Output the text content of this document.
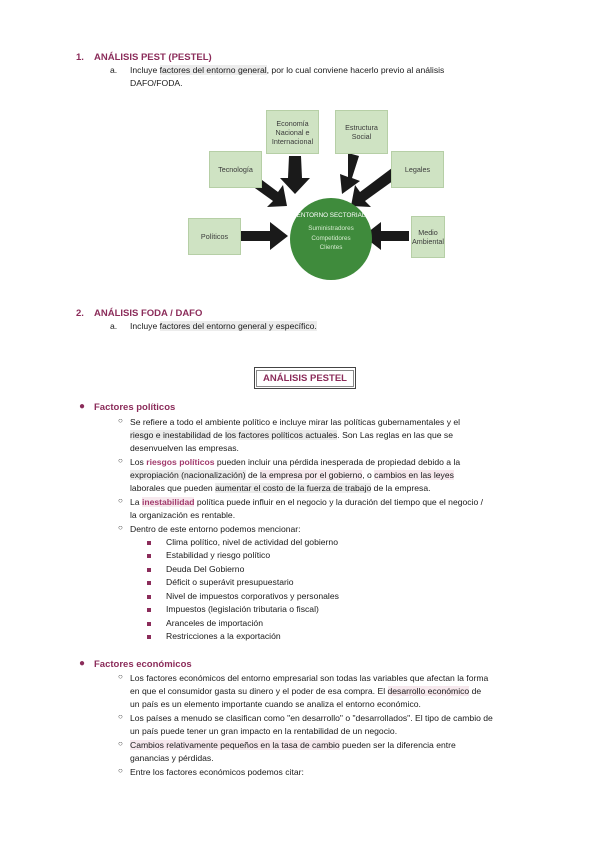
1. ANÁLISIS PEST (PESTEL)
a. Incluye factores del entorno general, por lo cual conviene hacerlo previo al análisis
DAFO/FODA.
Economía Nacional e Internacional
Estructura Social
Tecnología	Legales
Políticos	Medio Ambiental
ENTORNO SECTORIAL
Suministradores
Competidores
Clientes
2. ANÁLISIS FODA / DAFO
a. Incluye factores del entorno general y específico.
ANÁLISIS PESTEL
● Factores políticos
○ Se refiere a todo el ambiente político e incluye mirar las políticas gubernamentales y el
riesgo e inestabilidad de los factores políticos actuales. Son Las reglas en las que se
desenvuelven las empresas.
○ Los riesgos políticos pueden incluir una pérdida inesperada de propiedad debido a la
expropiación (nacionalización) de la empresa por el gobierno, o cambios en las leyes
laborales que pueden aumentar el costo de la fuerza de trabajo de la empresa.
○ La inestabilidad política puede influir en el negocio y la duración del tiempo que el negocio /
la organización es rentable.
○ Dentro de este entorno podemos mencionar:
Clima político, nivel de actividad del gobierno
Estabilidad y riesgo político
Deuda Del Gobierno
Déficit o superávit presupuestario
Nivel de impuestos corporativos y personales
Impuestos (legislación tributaria o fiscal)
Aranceles de importación
Restricciones a la exportación
● Factores económicos
○ Los factores económicos del entorno empresarial son todas las variables que afectan la forma
en que el consumidor gasta su dinero y el poder de esa compra. El desarrollo económico de
un país es un elemento importante cuando se analiza el entorno económico.
○ Los países a menudo se clasifican como "en desarrollo" o "desarrollados". El tipo de cambio de
un país puede tener un gran impacto en la rentabilidad de un negocio.
○ Cambios relativamente pequeños en la tasa de cambio pueden ser la diferencia entre
ganancias y pérdidas.
○ Entre los factores económicos podemos citar:
